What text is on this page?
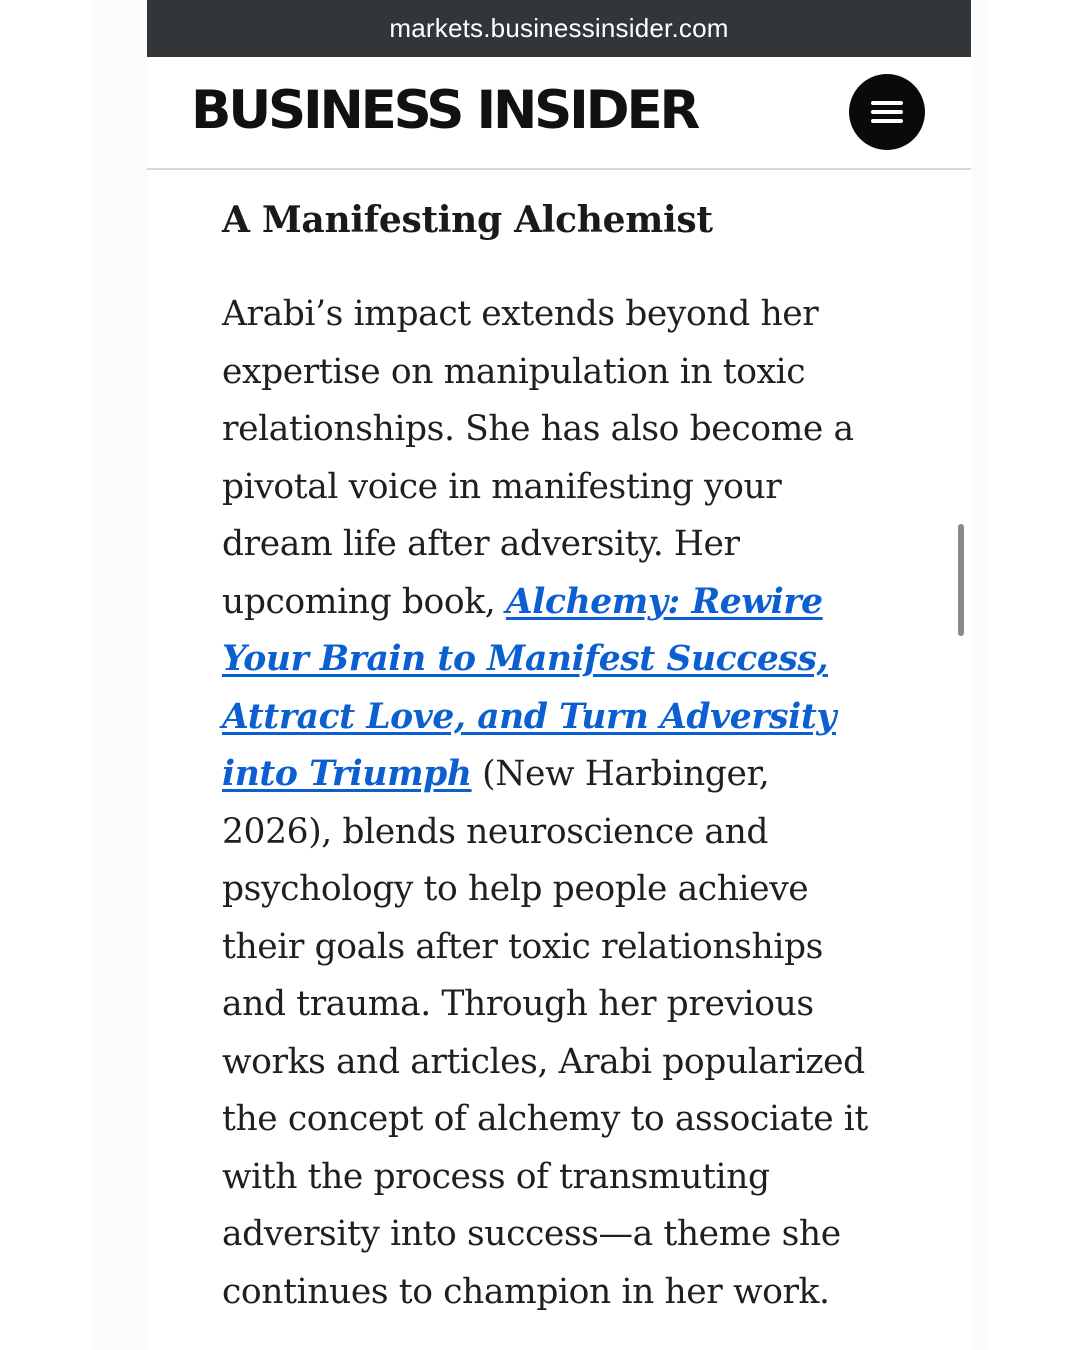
markets.businessinsider.com
BUSINESS INSIDER
A Manifesting Alchemist
Arabi’s impact extends beyond her
expertise on manipulation in toxic
relationships. She has also become a
pivotal voice in manifesting your
dream life after adversity. Her
upcoming book, Alchemy: Rewire
Your Brain to Manifest Success,
Attract Love, and Turn Adversity
into Triumph (New Harbinger,
2026), blends neuroscience and
psychology to help people achieve
their goals after toxic relationships
and trauma. Through her previous
works and articles, Arabi popularized
the concept of alchemy to associate it
with the process of transmuting
adversity into success—a theme she
continues to champion in her work.
